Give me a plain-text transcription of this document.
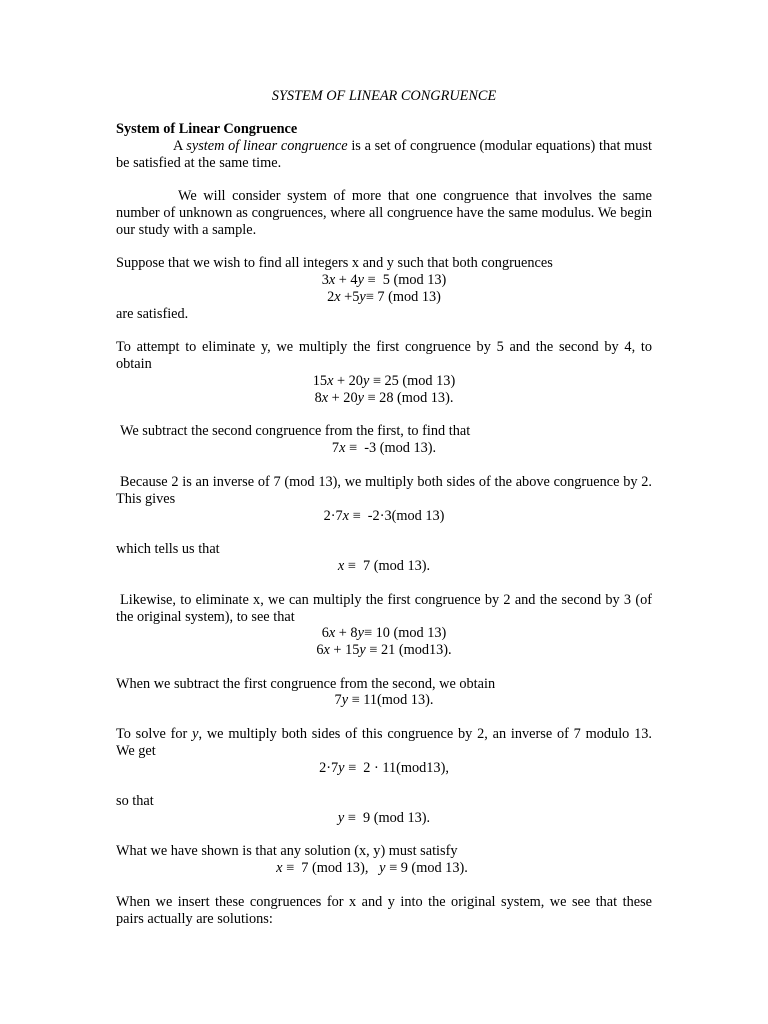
SYSTEM OF LINEAR CONGRUENCE

System of Linear Congruence

A system of linear congruence is a set of congruence (modular equations) that must be satisfied at the same time.

We will consider system of more that one congruence that involves the same number of unknown as congruences, where all congruence have the same modulus. We begin our study with a sample.

Suppose that we wish to find all integers x and y such that both congruences

3x + 4y ≡  5 (mod 13)

2x +5y≡ 7 (mod 13)

are satisfied.

To attempt to eliminate y, we multiply the first congruence by 5 and the second by 4, to obtain

15x + 20y ≡ 25 (mod 13)

8x + 20y ≡ 28 (mod 13).

We subtract the second congruence from the first, to find that

7x ≡  -3 (mod 13).

Because 2 is an inverse of 7 (mod 13), we multiply both sides of the above congruence by 2. This gives

2·7x ≡  -2·3(mod 13)

which tells us that

x ≡  7 (mod 13).

Likewise, to eliminate x, we can multiply the first congruence by 2 and the second by 3 (of the original system), to see that

6x + 8y≡ 10 (mod 13)

6x + 15y ≡ 21 (mod13).

When we subtract the first congruence from the second, we obtain

7y ≡ 11(mod 13).

To solve for y, we multiply both sides of this congruence by 2, an inverse of 7 modulo 13. We get

2·7y ≡  2 · 11(mod13),

so that

y ≡  9 (mod 13).

What we have shown is that any solution (x, y) must satisfy

x ≡  7 (mod 13),   y ≡ 9 (mod 13).

When we insert these congruences for x and y into the original system, we see that these pairs actually are solutions:
